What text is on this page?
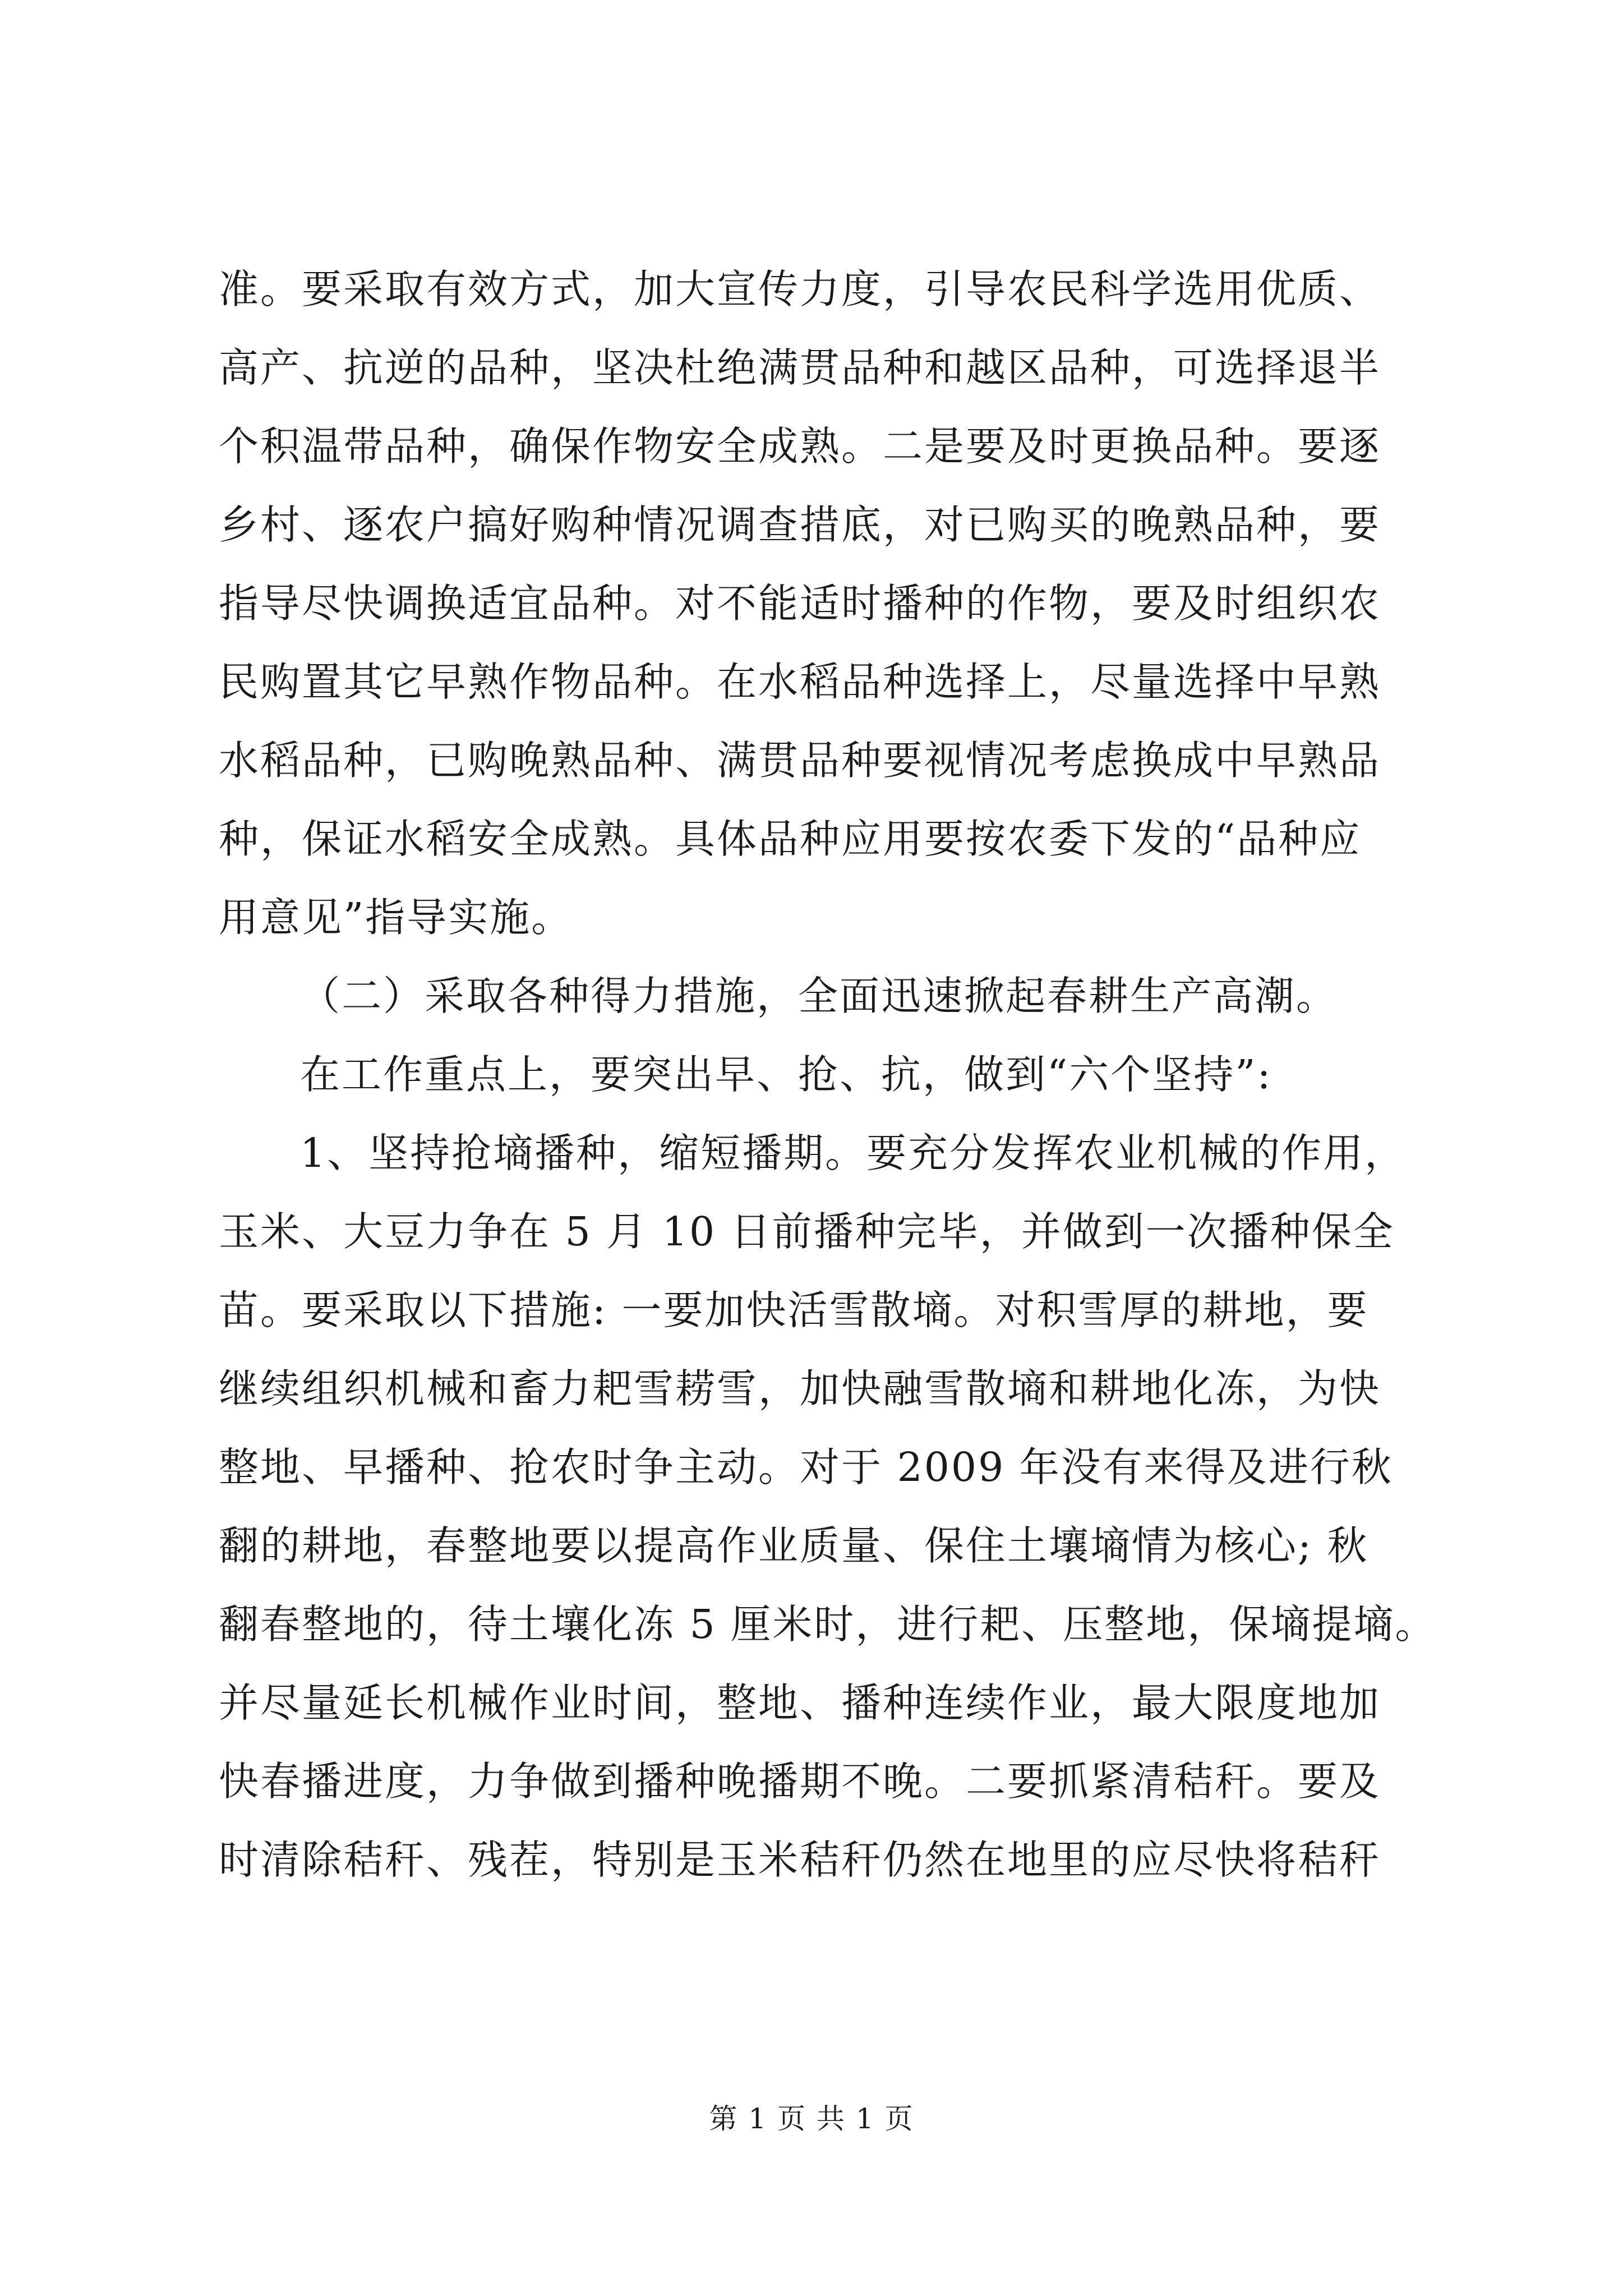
准。要采取有效方式，加大宣传力度，引导农民科学选用优质、
高产、抗逆的品种，坚决杜绝满贯品种和越区品种，可选择退半
个积温带品种，确保作物安全成熟。二是要及时更换品种。要逐
乡村、逐农户搞好购种情况调查措底，对已购买的晚熟品种，要
指导尽快调换适宜品种。对不能适时播种的作物，要及时组织农
民购置其它早熟作物品种。在水稻品种选择上，尽量选择中早熟
水稻品种，已购晚熟品种、满贯品种要视情况考虑换成中早熟品
种，保证水稻安全成熟。具体品种应用要按农委下发的“品种应
用意见”指导实施。
（二）采取各种得力措施，全面迅速掀起春耕生产高潮。
在工作重点上，要突出早、抢、抗，做到“六个坚持”:
1、坚持抢墒播种，缩短播期。要充分发挥农业机械的作用，
玉米、大豆力争在 5 月 10 日前播种完毕，并做到一次播种保全
苗。要采取以下措施: 一要加快活雪散墒。对积雪厚的耕地，要
继续组织机械和畜力耙雪耢雪，加快融雪散墒和耕地化冻，为快
整地、早播种、抢农时争主动。对于 2009 年没有来得及进行秋
翻的耕地，春整地要以提高作业质量、保住土壤墒情为核心; 秋
翻春整地的，待土壤化冻 5 厘米时，进行耙、压整地，保墒提墒。
并尽量延长机械作业时间，整地、播种连续作业，最大限度地加
快春播进度，力争做到播种晚播期不晚。二要抓紧清秸秆。要及
时清除秸秆、残茬，特别是玉米秸秆仍然在地里的应尽快将秸秆
第 1 页 共 1 页
